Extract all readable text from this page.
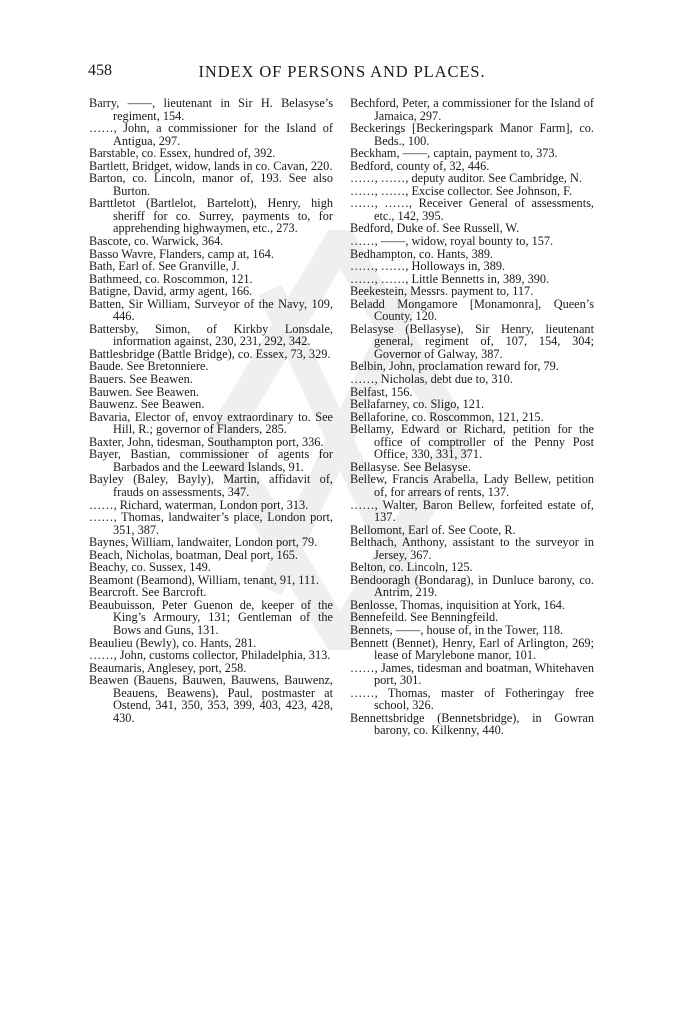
458	INDEX OF PERSONS AND PLACES.

Barry, ——, lieutenant in Sir H. Belasyse’s regiment, 154.

……, John, a commissioner for the Island of Antigua, 297.

Barstable, co. Essex, hundred of, 392.

Bartlett, Bridget, widow, lands in co. Cavan, 220.

Barton, co. Lincoln, manor of, 193. See also Burton.

Barttletot (Bartlelot, Bartelott), Henry, high sheriff for co. Surrey, payments to, for apprehending highwaymen, etc., 273.

Bascote, co. Warwick, 364.

Basso Wavre, Flanders, camp at, 164.

Bath, Earl of. See Granville, J.

Bathmeed, co. Roscommon, 121.

Batigne, David, army agent, 166.

Batten, Sir William, Surveyor of the Navy, 109, 446.

Battersby, Simon, of Kirkby Lonsdale, information against, 230, 231, 292, 342.

Battlesbridge (Battle Bridge), co. Essex, 73, 329.

Baude. See Bretonniere.

Bauers. See Beawen.

Bauwen. See Beawen.

Bauwenz. See Beawen.

Bavaria, Elector of, envoy extraordinary to. See Hill, R.; governor of Flanders, 285.

Baxter, John, tidesman, Southampton port, 336.

Bayer, Bastian, commissioner of agents for Barbados and the Leeward Islands, 91.

Bayley (Baley, Bayly), Martin, affidavit of, frauds on assessments, 347.

……, Richard, waterman, London port, 313.

……, Thomas, landwaiter’s place, London port, 351, 387.

Baynes, William, landwaiter, London port, 79.

Beach, Nicholas, boatman, Deal port, 165.

Beachy, co. Sussex, 149.

Beamont (Beamond), William, tenant, 91, 111.

Bearcroft. See Barcroft.

Beaubuisson, Peter Guenon de, keeper of the King’s Armoury, 131; Gentleman of the Bows and Guns, 131.

Beaulieu (Bewly), co. Hants, 281.

……, John, customs collector, Philadelphia, 313.

Beaumaris, Anglesey, port, 258.

Beawen (Bauens, Bauwen, Bauwens, Bauwenz, Beauens, Beawens), Paul, postmaster at Ostend, 341, 350, 353, 399, 403, 423, 428, 430.

Bechford, Peter, a commissioner for the Island of Jamaica, 297.

Beckerings [Beckeringspark Manor Farm], co. Beds., 100.

Beckham, ——, captain, payment to, 373.

Bedford, county of, 32, 446.

……, ……, deputy auditor. See Cambridge, N.

……, ……, Excise collector. See Johnson, F.

……, ……, Receiver General of assessments, etc., 142, 395.

Bedford, Duke of. See Russell, W.

……, ——, widow, royal bounty to, 157.

Bedhampton, co. Hants, 389.

……, ……, Holloways in, 389.

……, ……, Little Bennetts in, 389, 390.

Beekestein, Messrs. payment to, 117.

Beladd Mongamore [Monamonra], Queen’s County, 120.

Belasyse (Bellasyse), Sir Henry, lieutenant general, regiment of, 107, 154, 304; Governor of Galway, 387.

Belbin, John, proclamation reward for, 79.

……, Nicholas, debt due to, 310.

Belfast, 156.

Bellafarney, co. Sligo, 121.

Bellaforine, co. Roscommon, 121, 215.

Bellamy, Edward or Richard, petition for the office of comptroller of the Penny Post Office, 330, 331, 371.

Bellasyse. See Belasyse.

Bellew, Francis Arabella, Lady Bellew, petition of, for arrears of rents, 137.

……, Walter, Baron Bellew, forfeited estate of, 137.

Bellomont, Earl of. See Coote, R.

Belthach, Anthony, assistant to the surveyor in Jersey, 367.

Belton, co. Lincoln, 125.

Bendooragh (Bondarag), in Dunluce barony, co. Antrim, 219.

Benlosse, Thomas, inquisition at York, 164.

Bennefeild. See Benningfeild.

Bennets, ——, house of, in the Tower, 118.

Bennett (Bennet), Henry, Earl of Arlington, 269; lease of Marylebone manor, 101.

……, James, tidesman and boatman, Whitehaven port, 301.

……, Thomas, master of Fotheringay free school, 326.

Bennettsbridge (Bennetsbridge), in Gowran barony, co. Kilkenny, 440.
